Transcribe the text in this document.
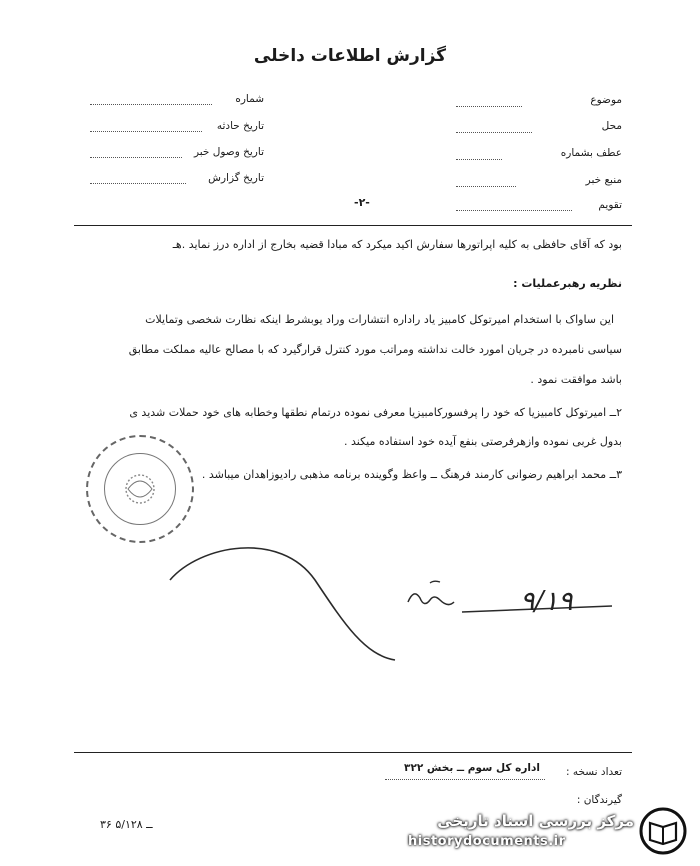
گزارش اطلاعات داخلی
موضوع
محل
عطف بشماره
منبع خبر
تقویم
شماره
تاریخ حادثه
تاریخ وصول خبر
تاریخ گزارش
-۲-
بود که آقای حافظی به کلیه اپراتورها سفارش اکید میکرد که مبادا قضیه بخارج از اداره درز نماید .هـ
نظریه رهبرعملیات :
این ساواک با استخدام امیرتوکل کامبیز یاد راداره انتشارات وراد یوبشرط اینکه نظارت شخصی وتمایلات
سیاسی نامبرده در جریان امورد خالت نداشته ومراتب مورد کنترل قرارگیرد که با مصالح عالیه مملکت مطابق
باشد موافقت نمود .
۲ــ امیرتوکل کامبیزیا که خود را پرفسورکامبیزیا معرفی نموده درتمام نطقها وخطابه های خود حملات شدید ی
بدول غربی نموده وازهرفرصتی بنفع آیده خود استفاده میکند .
۳ــ محمد ابراهیم رضوانی کارمند فرهنگ ــ واعظ وگوینده برنامه مذهبی رادیوزاهدان میباشد .
۹/۱۹
تعداد نسخه :
اداره کل سوم ــ بخش ۳۲۲
گیرندگان :
۳۶ ــ ۵/۱۲۸	مرکز بررسی اسناد تاریخی
historydocuments.ir
